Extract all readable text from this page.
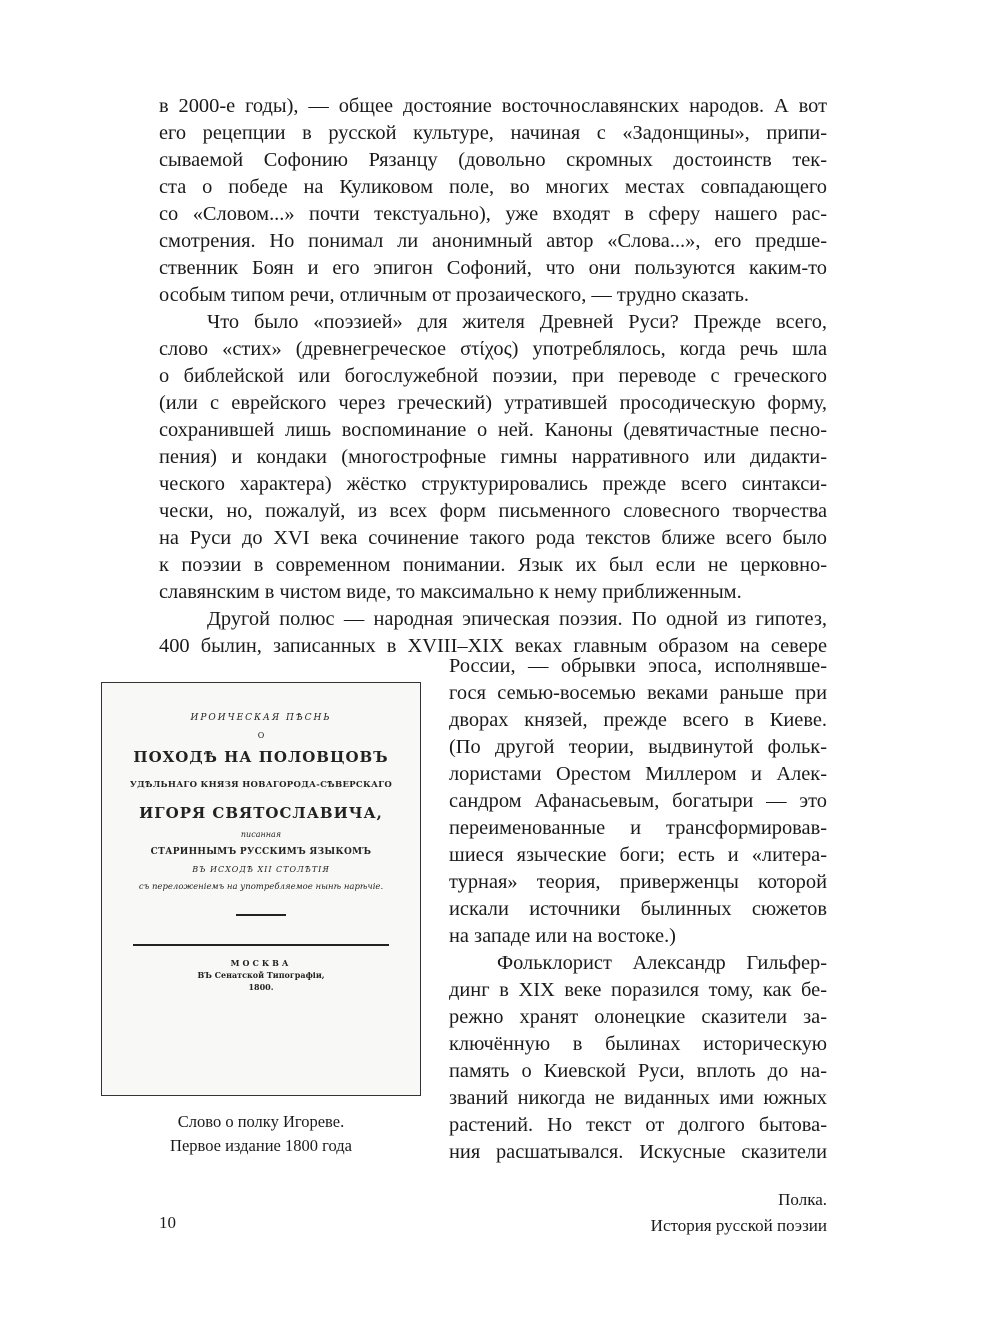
в 2000-е годы), — общее достояние восточнославянских народов. А вот
его рецепции в русской культуре, начиная с «Задонщины», припи-
сываемой Софонию Рязанцу (довольно скромных достоинств тек-
ста о победе на Куликовом поле, во многих местах совпадающего
со «Словом...» почти текстуально), уже входят в сферу нашего рас-
смотрения. Но понимал ли анонимный автор «Слова...», его предше-
ственник Боян и его эпигон Софоний, что они пользуются каким-то
особым типом речи, отличным от прозаического, — трудно сказать.
Что было «поэзией» для жителя Древней Руси? Прежде всего,
слово «стих» (древнегреческое στίχος) употреблялось, когда речь шла
о библейской или богослужебной поэзии, при переводе с греческого
(или с еврейского через греческий) утратившей просодическую форму,
сохранившей лишь воспоминание о ней. Каноны (девятичастные песно-
пения) и кондаки (многострофные гимны нарративного или дидакти-
ческого характера) жёстко структурировались прежде всего синтакси-
чески, но, пожалуй, из всех форм письменного словесного творчества
на Руси до XVI века сочинение такого рода текстов ближе всего было
к поэзии в современном понимании. Язык их был если не церковно-
славянским в чистом виде, то максимально к нему приближенным.
Другой полюс — народная эпическая поэзия. По одной из гипотез,
400 былин, записанных в XVIII–XIX веках главным образом на севере
России, — обрывки эпоса, исполнявше-
гося семью-восемью веками раньше при
дворах князей, прежде всего в Киеве.
(По другой теории, выдвинутой фольк-
лористами Орестом Миллером и Алек-
сандром Афанасьевым, богатыри — это
переименованные и трансформировав-
шиеся языческие боги; есть и «литера-
турная» теория, приверженцы которой
искали источники былинных сюжетов
на западе или на востоке.)
Фольклорист Александр Гильфер-
динг в XIX веке поразился тому, как бе-
режно хранят олонецкие сказители за-
ключённую в былинах историческую
память о Киевской Руси, вплоть до на-
званий никогда не виданных ими южных
растений. Но текст от долгого бытова-
ния расшатывался. Искусные сказители
ИРОИЧЕСКАЯ ПѢСНЬ
О
ПОХОДѢ НА ПОЛОВЦОВЪ
УДѢЛЬНАГО КНЯЗЯ НОВАГОРОДА-СѢВЕРСКАГО
ИГОРЯ СВЯТОСЛАВИЧА,
писанная
СТАРИННЫМЪ РУССКИМЪ ЯЗЫКОМЪ
ВЪ ИСХОДѢ XII СТОЛѢТІЯ
съ переложеніемъ на употребляемое нынѣ нарѣчіе.
МОСКВА
ВЪ Сенатской Типографіи,
1800.
Слово о полку Игореве.
Первое издание 1800 года
10
Полка.
История русской поэзии
